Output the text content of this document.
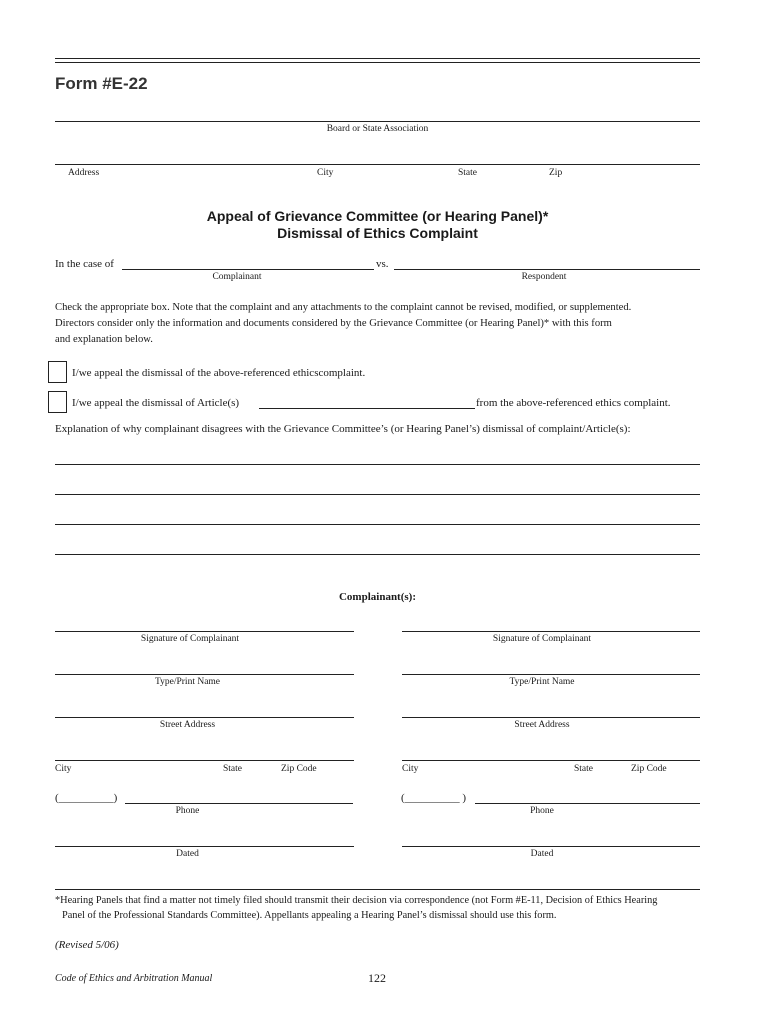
Form #E-22
Board or State Association
Address	City	State	Zip
Appeal of Grievance Committee (or Hearing Panel)*
Dismissal of Ethics Complaint
In the case of	vs.
Complainant	Respondent
Check the appropriate box. Note that the complaint and any attachments to the complaint cannot be revised, modified, or supplemented.
Directors consider only the information and documents considered by the Grievance Committee (or Hearing Panel)* with this form
and explanation below.
I/we appeal the dismissal of the above-referenced ethicscomplaint.
I/we appeal the dismissal of Article(s)	from the above-referenced ethics complaint.
Explanation of why complainant disagrees with the Grievance Committee’s (or Hearing Panel’s) dismissal of complaint/Article(s):
Complainant(s):
Signature of Complainant
Type/Print Name
Street Address
City	State	Zip Code
(__________)
Phone
Dated
Signature of Complainant
Type/Print Name
Street Address
City	State	Zip Code
(__________ )
Phone
Dated
*Hearing Panels that find a matter not timely filed should transmit their decision via correspondence (not Form #E-11, Decision of Ethics Hearing
Panel of the Professional Standards Committee). Appellants appealing a Hearing Panel’s dismissal should use this form.
(Revised 5/06)
Code of Ethics and Arbitration Manual	122
